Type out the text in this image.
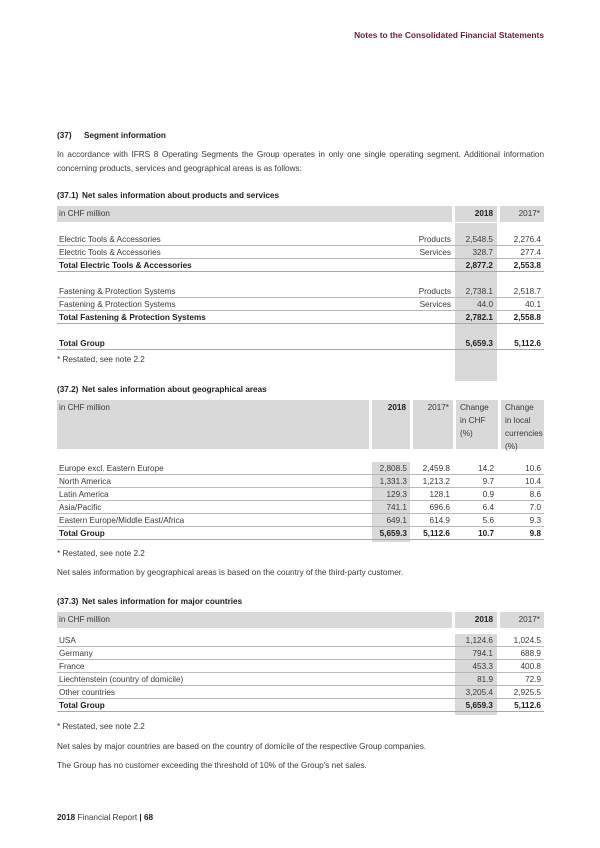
Notes to the Consolidated Financial Statements
(37) Segment information
In accordance with IFRS 8 Operating Segments the Group operates in only one single operating segment. Additional information concerning products, services and geographical areas is as follows:
(37.1) Net sales information about products and services
in CHF million	2018	2017*
Electric Tools & Accessories	Products 2,548.5	2,276.4
Electric Tools & Accessories	Services	328.7	277.4
Total Electric Tools & Accessories	2,877.2	2,553.8
Fastening & Protection Systems	Products 2,738.1	2,518.7
Fastening & Protection Systems	Services	44.0	40.1
Total Fastening & Protection Systems	2,782.1	2,558.8
Total Group	5,659.3	5,112.6
* Restated, see note 2.2
(37.2) Net sales information about geographical areas
in CHF million	2018	2017*	Change in CHF (%)
Change in local currencies (%)
Europe excl. Eastern Europe	2,808.5 2,459.8	14.2	10.6
North America	1,331.3 1,213.2	9.7	10.4
Latin America	129.3	128.1	0.9	8.6
Asia/Pacific	741.1	696.6	6.4	7.0
Eastern Europe/Middle East/Africa	649.1	614.9	5.6	9.3
Total Group	5,659.3 5,112.6	10.7	9.8
* Restated, see note 2.2
Net sales information by geographical areas is based on the country of the third-party customer.
(37.3) Net sales information for major countries
in CHF million	2018	2017*
USA	1,124.6	1,024.5
Germany	794.1	688.9
France	453.3	400.8
Liechtenstein (country of domicile)	81.9	72.9
Other countries	3,205.4	2,925.5
Total Group	5,659.3	5,112.6
* Restated, see note 2.2
Net sales by major countries are based on the country of domicile of the respective Group companies.
The Group has no customer exceeding the threshold of 10% of the Group's net sales.
2018 Financial Report | 68
